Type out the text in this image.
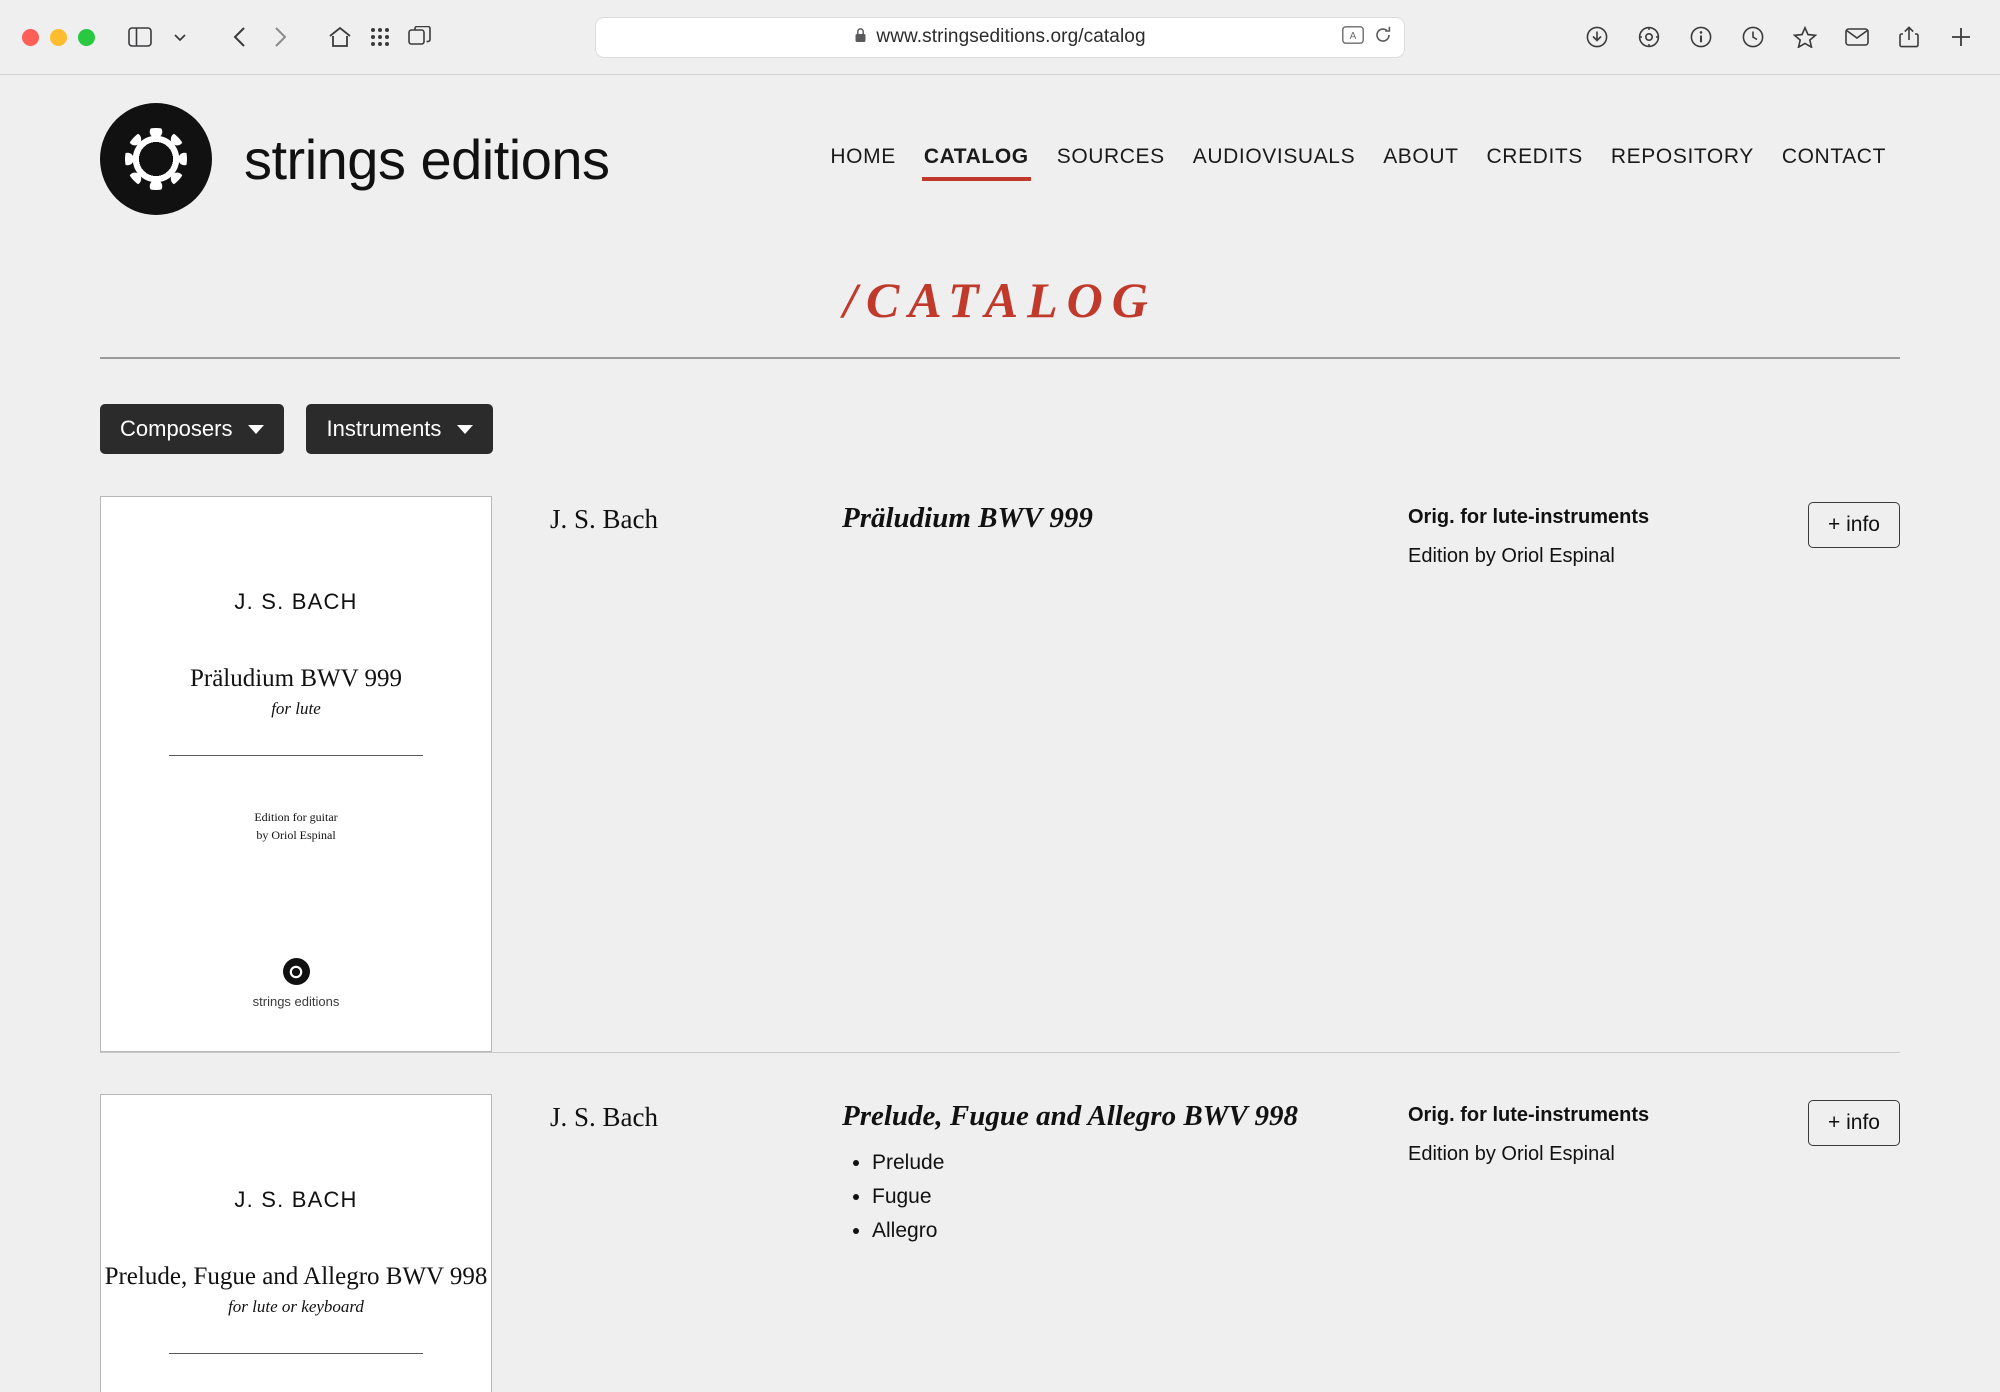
www.stringseditions.org/catalog	A
strings editions	HOME	CATALOG	SOURCES	AUDIOVISUALS	ABOUT	CREDITS	REPOSITORY	CONTACT
/CATALOG
Composers	Instruments
J. S. BACH
Präludium BWV 999
for lute
Edition for guitar
by Oriol Espinal
strings editions
J. S. Bach	Präludium BWV 999	Orig. for lute-instruments
Edition by Oriol Espinal
+ info
J. S. BACH
Prelude, Fugue and Allegro BWV 998
for lute or keyboard
J. S. Bach	Prelude, Fugue and Allegro BWV 998
• Prelude
• Fugue
• Allegro
Orig. for lute-instruments
Edition by Oriol Espinal
+ info
